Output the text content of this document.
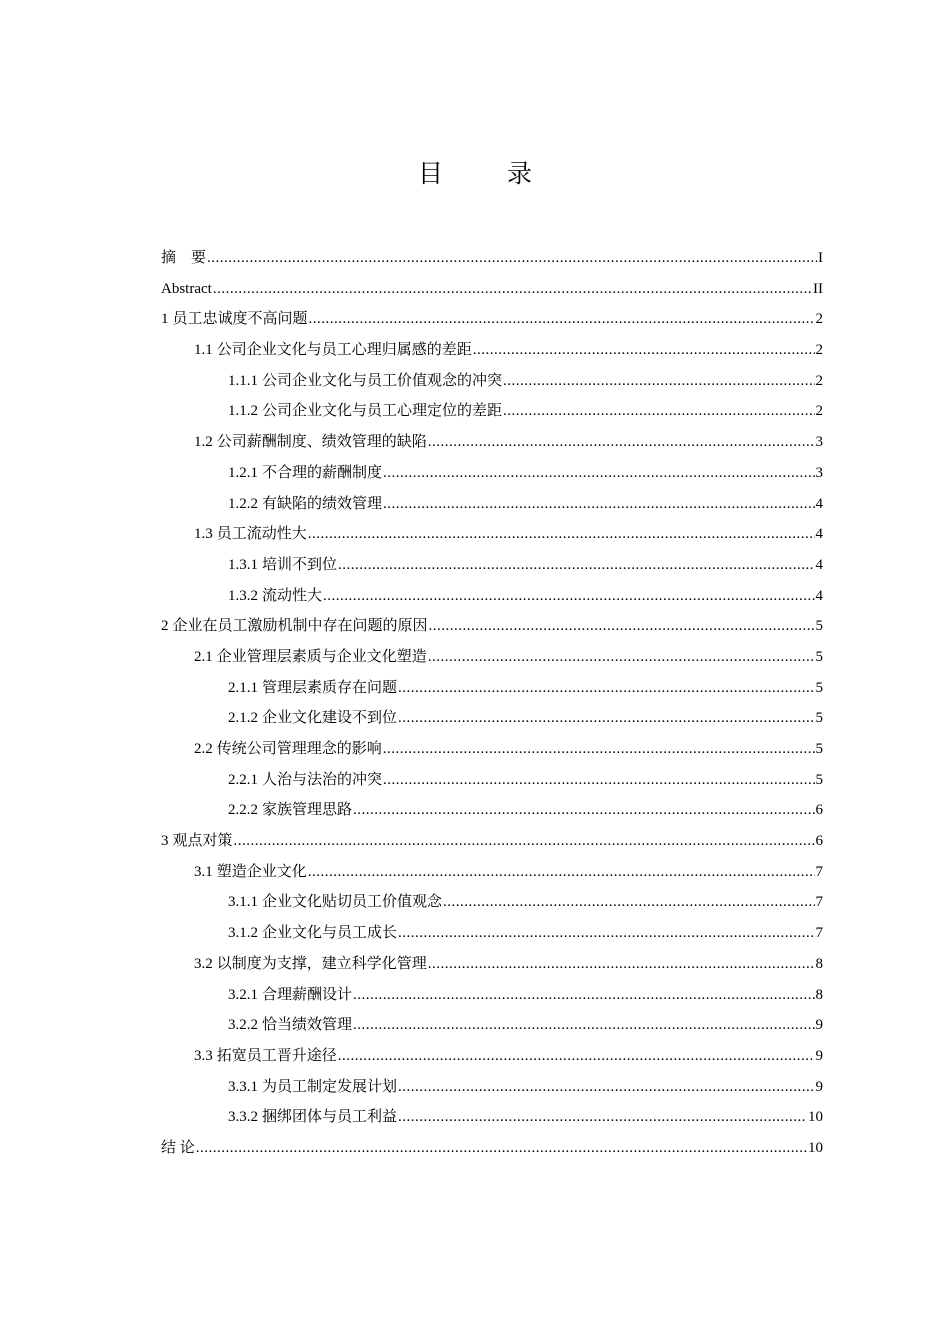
目 录
摘　要 .....	I
Abstract .....	II
1 员工忠诚度不高问题 .....	2
1.1 公司企业文化与员工心理归属感的差距 .....	2
1.1.1 公司企业文化与员工价值观念的冲突 .....	2
1.1.2 公司企业文化与员工心理定位的差距 .....	2
1.2 公司薪酬制度、绩效管理的缺陷 .....	3
1.2.1 不合理的薪酬制度 .....	3
1.2.2 有缺陷的绩效管理 .....	4
1.3 员工流动性大 .....	4
1.3.1 培训不到位 .....	4
1.3.2 流动性大 .....	4
2 企业在员工激励机制中存在问题的原因 .....	5
2.1 企业管理层素质与企业文化塑造 .....	5
2.1.1 管理层素质存在问题 .....	5
2.1.2 企业文化建设不到位 .....	5
2.2 传统公司管理理念的影响 .....	5
2.2.1 人治与法治的冲突 .....	5
2.2.2 家族管理思路 .....	6
3 观点对策 .....	6
3.1 塑造企业文化 .....	7
3.1.1 企业文化贴切员工价值观念 .....	7
3.1.2 企业文化与员工成长 .....	7
3.2 以制度为支撑，建立科学化管理 .....	8
3.2.1 合理薪酬设计 .....	8
3.2.2 恰当绩效管理 .....	9
3.3 拓宽员工晋升途径 .....	9
3.3.1 为员工制定发展计划 .....	9
3.3.2 捆绑团体与员工利益 .....	10
结 论 .....	10
